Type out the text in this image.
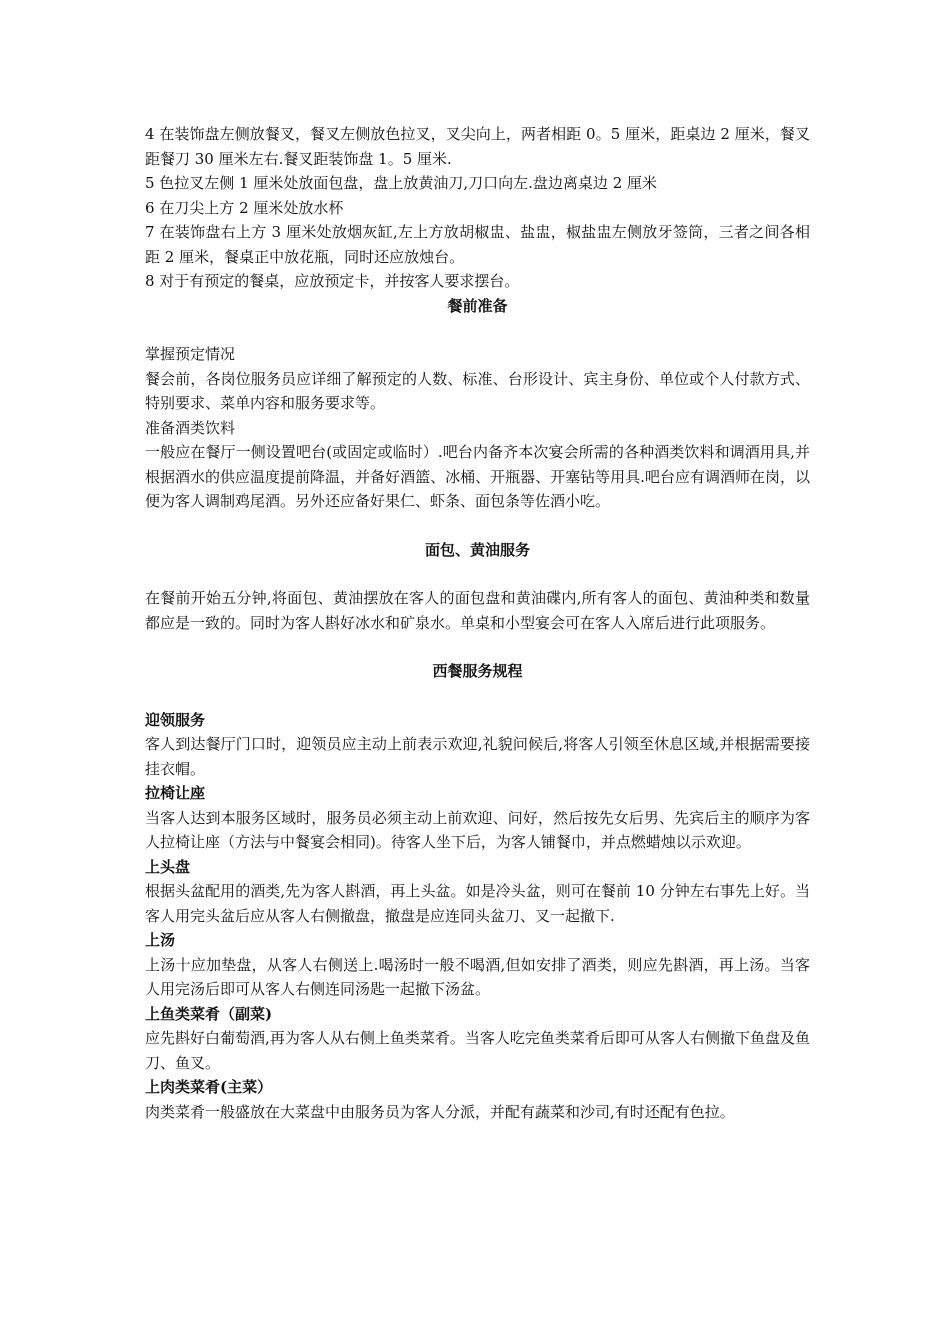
4 在装饰盘左侧放餐叉，餐叉左侧放色拉叉，叉尖向上，两者相距 0。5 厘米，距桌边 2 厘米，餐叉距餐刀 30 厘米左右.餐叉距装饰盘 1。5 厘米.

5 色拉叉左侧 1 厘米处放面包盘，盘上放黄油刀,刀口向左.盘边离桌边 2 厘米

6 在刀尖上方 2 厘米处放水杯

7 在装饰盘右上方 3 厘米处放烟灰缸,左上方放胡椒盅、盐盅，椒盐盅左侧放牙签筒，三者之间各相距 2 厘米，餐桌正中放花瓶，同时还应放烛台。

8 对于有预定的餐桌，应放预定卡，并按客人要求摆台。

餐前准备

掌握预定情况

餐会前，各岗位服务员应详细了解预定的人数、标准、台形设计、宾主身份、单位或个人付款方式、特别要求、菜单内容和服务要求等。

准备酒类饮料

一般应在餐厅一侧设置吧台(或固定或临时）.吧台内备齐本次宴会所需的各种酒类饮料和调酒用具,并根据酒水的供应温度提前降温，并备好酒篮、冰桶、开瓶器、开塞钻等用具.吧台应有调酒师在岗，以便为客人调制鸡尾酒。另外还应备好果仁、虾条、面包条等佐酒小吃。

面包、黄油服务

在餐前开始五分钟,将面包、黄油摆放在客人的面包盘和黄油碟内,所有客人的面包、黄油种类和数量都应是一致的。同时为客人斟好冰水和矿泉水。单桌和小型宴会可在客人入席后进行此项服务。

西餐服务规程
迎领服务

客人到达餐厅门口时，迎领员应主动上前表示欢迎,礼貌问候后,将客人引领至休息区域,并根据需要接挂衣帽。

拉椅让座

当客人达到本服务区域时，服务员必须主动上前欢迎、问好，然后按先女后男、先宾后主的顺序为客人拉椅让座（方法与中餐宴会相同)。待客人坐下后，为客人铺餐巾，并点燃蜡烛以示欢迎。

上头盘

根据头盆配用的酒类,先为客人斟酒，再上头盆。如是冷头盆，则可在餐前 10 分钟左右事先上好。当客人用完头盆后应从客人右侧撤盘，撤盘是应连同头盆刀、叉一起撤下.

上汤

上汤十应加垫盘，从客人右侧送上.喝汤时一般不喝酒,但如安排了酒类，则应先斟酒，再上汤。当客人用完汤后即可从客人右侧连同汤匙一起撤下汤盆。

上鱼类菜肴（副菜)

应先斟好白葡萄酒,再为客人从右侧上鱼类菜肴。当客人吃完鱼类菜肴后即可从客人右侧撤下鱼盘及鱼刀、鱼叉。

上肉类菜肴(主菜）

肉类菜肴一般盛放在大菜盘中由服务员为客人分派，并配有蔬菜和沙司,有时还配有色拉。
